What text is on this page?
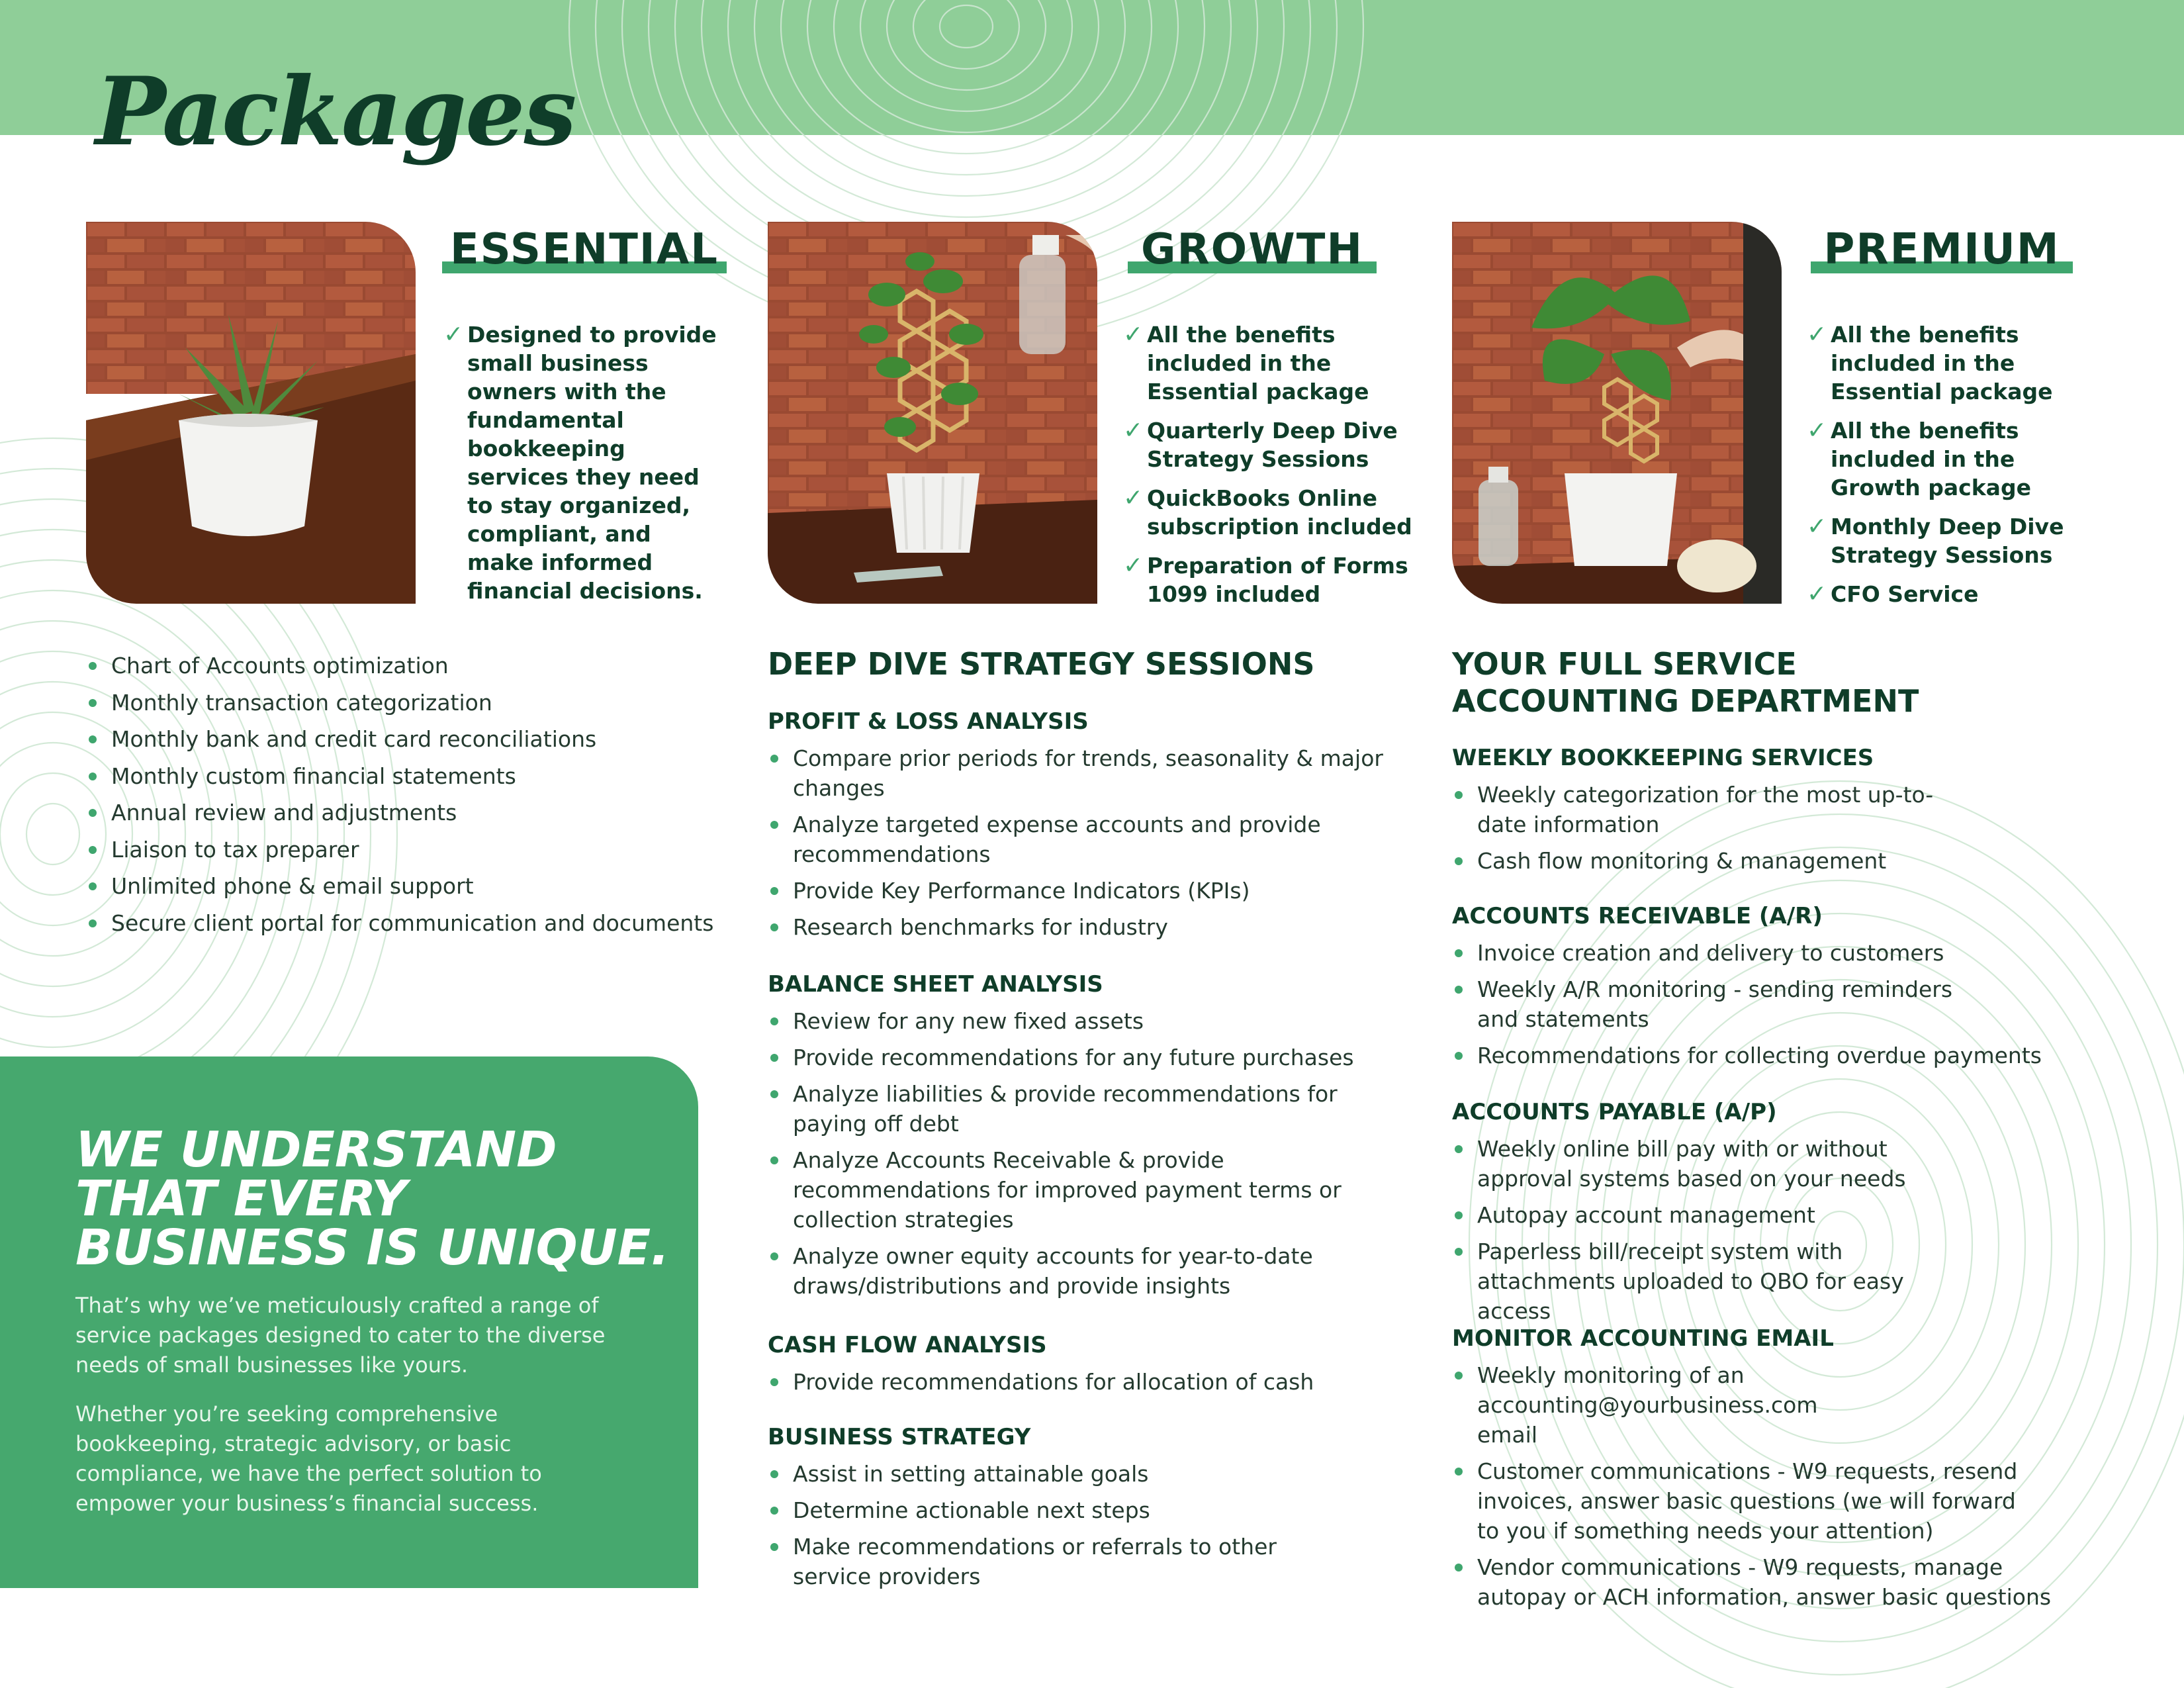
Packages
ESSENTIAL	GROWTH	PREMIUM
✓ Designed to provide small business owners with the fundamental bookkeeping services they need to stay organized, compliant, and make informed financial decisions.
✓ All the benefits included in the Essential package
✓ Quarterly Deep Dive Strategy Sessions
✓ QuickBooks Online subscription included
✓ Preparation of Forms 1099 included
✓ All the benefits included in the Essential package
✓ All the benefits included in the Growth package
✓ Monthly Deep Dive Strategy Sessions
✓ CFO Service
Chart of Accounts optimization
Monthly transaction categorization
Monthly bank and credit card reconciliations
Monthly custom financial statements
Annual review and adjustments
Liaison to tax preparer
Unlimited phone & email support
Secure client portal for communication and documents
DEEP DIVE STRATEGY SESSIONS
PROFIT & LOSS ANALYSIS
Compare prior periods for trends, seasonality & major changes
Analyze targeted expense accounts and provide recommendations
Provide Key Performance Indicators (KPIs)
Research benchmarks for industry
BALANCE SHEET ANALYSIS
Review for any new fixed assets
Provide recommendations for any future purchases
Analyze liabilities & provide recommendations for paying off debt
Analyze Accounts Receivable & provide recommendations for improved payment terms or collection strategies
Analyze owner equity accounts for year-to-date draws/distributions and provide insights
CASH FLOW ANALYSIS
Provide recommendations for allocation of cash
BUSINESS STRATEGY
Assist in setting attainable goals
Determine actionable next steps
Make recommendations or referrals to other service providers
YOUR FULL SERVICE
ACCOUNTING DEPARTMENT
WEEKLY BOOKKEEPING SERVICES
Weekly categorization for the most up-to-date information
Cash flow monitoring & management
ACCOUNTS RECEIVABLE (A/R)
Invoice creation and delivery to customers
Weekly A/R monitoring - sending reminders and statements
Recommendations for collecting overdue payments
ACCOUNTS PAYABLE (A/P)
Weekly online bill pay with or without approval systems based on your needs
Autopay account management
Paperless bill/receipt system with attachments uploaded to QBO for easy access
MONITOR ACCOUNTING EMAIL
Weekly monitoring of an accounting@yourbusiness.com email
Customer communications - W9 requests, resend invoices, answer basic questions (we will forward to you if something needs your attention)
Vendor communications - W9 requests, manage autopay or ACH information, answer basic questions
WE UNDERSTAND
THAT EVERY
BUSINESS IS UNIQUE.

That’s why we’ve meticulously crafted a range of service packages designed to cater to the diverse needs of small businesses like yours.

Whether you’re seeking comprehensive bookkeeping, strategic advisory, or basic compliance, we have the perfect solution to empower your business’s financial success.
